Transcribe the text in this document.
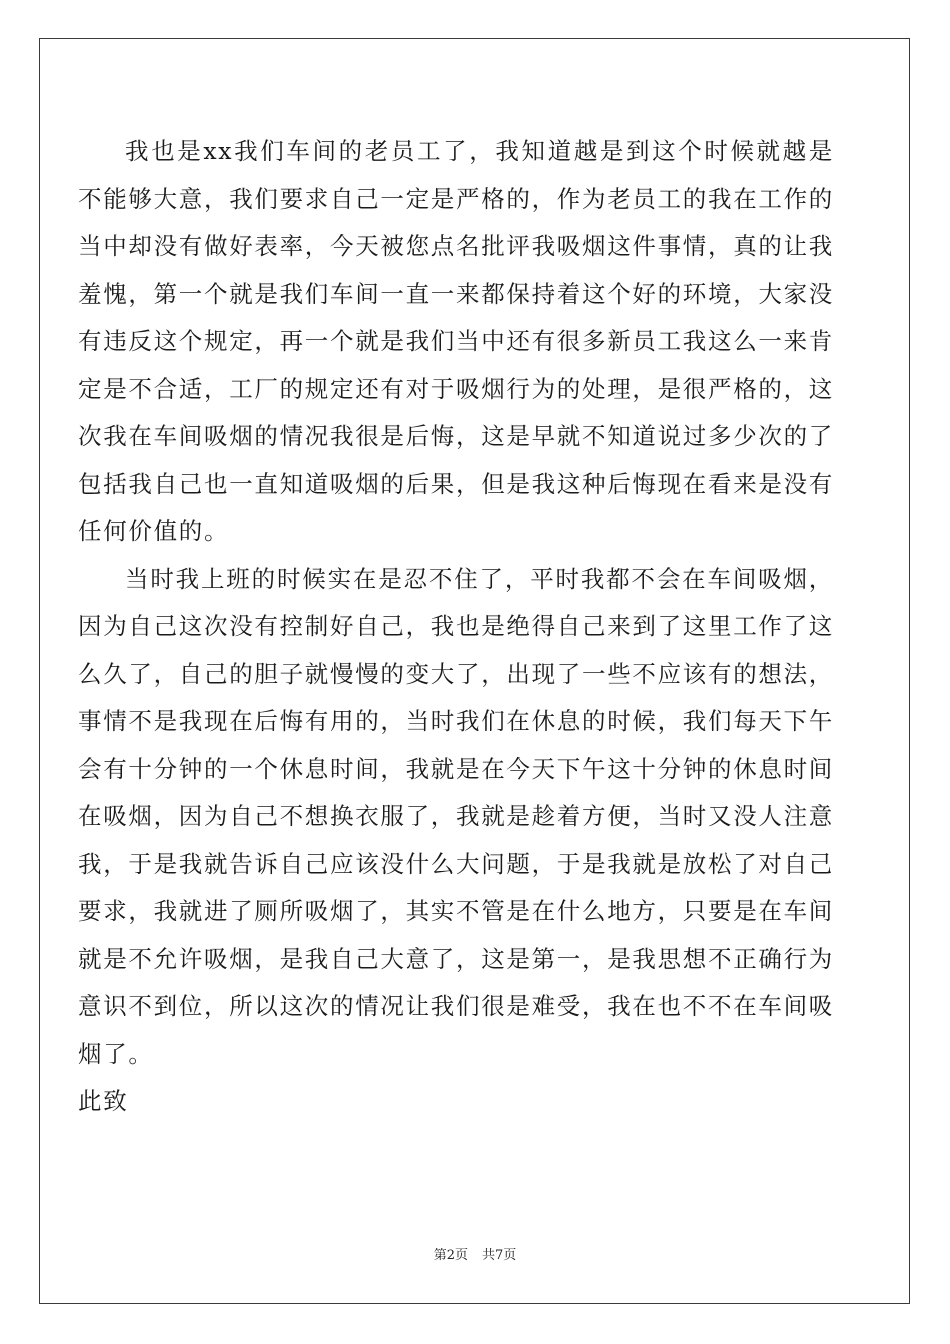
我也是xx我们车间的老员工了，我知道越是到这个时候就越是不能够大意，我们要求自己一定是严格的，作为老员工的我在工作的当中却没有做好表率，今天被您点名批评我吸烟这件事情，真的让我羞愧，第一个就是我们车间一直一来都保持着这个好的环境，大家没有违反这个规定，再一个就是我们当中还有很多新员工我这么一来肯定是不合适，工厂的规定还有对于吸烟行为的处理，是很严格的，这次我在车间吸烟的情况我很是后悔，这是早就不知道说过多少次的了包括我自己也一直知道吸烟的后果，但是我这种后悔现在看来是没有任何价值的。

当时我上班的时候实在是忍不住了，平时我都不会在车间吸烟，因为自己这次没有控制好自己，我也是绝得自己来到了这里工作了这么久了，自己的胆子就慢慢的变大了，出现了一些不应该有的想法，事情不是我现在后悔有用的，当时我们在休息的时候，我们每天下午会有十分钟的一个休息时间，我就是在今天下午这十分钟的休息时间在吸烟，因为自己不想换衣服了，我就是趁着方便，当时又没人注意我，于是我就告诉自己应该没什么大问题，于是我就是放松了对自己要求，我就进了厕所吸烟了，其实不管是在什么地方，只要是在车间就是不允许吸烟，是我自己大意了，这是第一，是我思想不正确行为意识不到位，所以这次的情况让我们很是难受，我在也不不在车间吸烟了。

此致

第2页 共7页
